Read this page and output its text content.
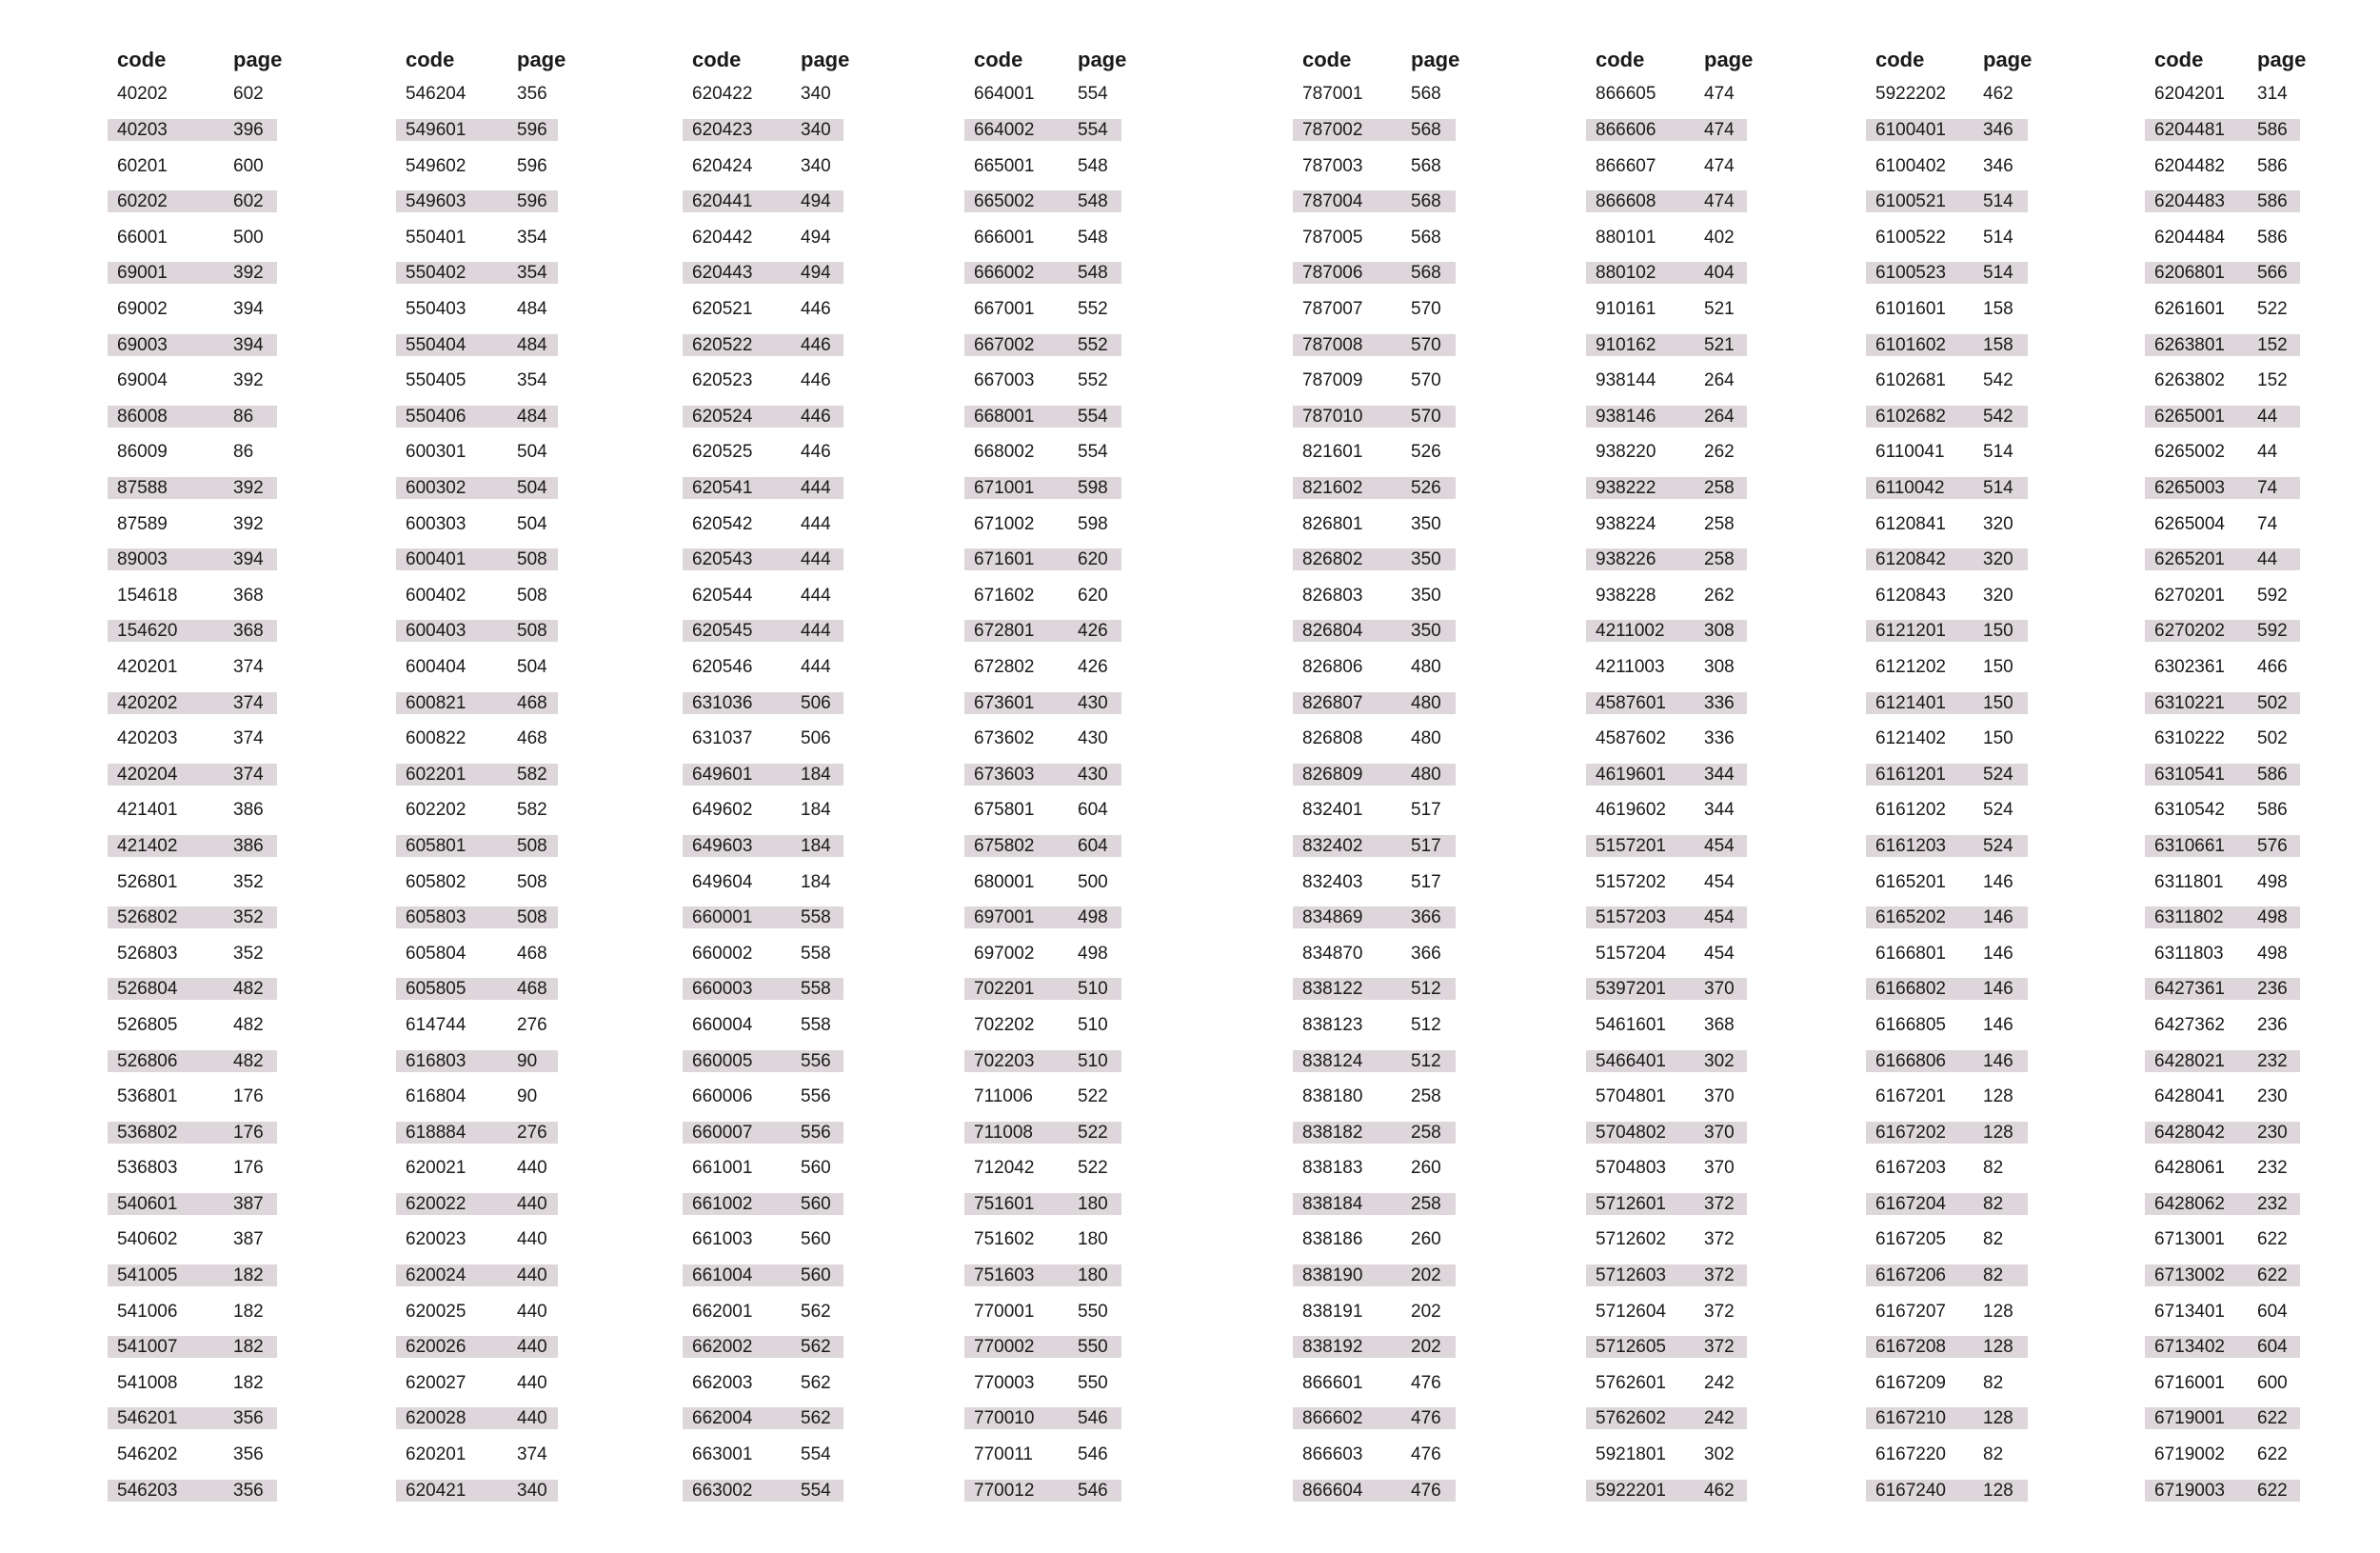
code	page
40202	602
40203	396
60201	600
60202	602
66001	500
69001	392
69002	394
69003	394
69004	392
86008	86
86009	86
87588	392
87589	392
89003	394
154618	368
154620	368
420201	374
420202	374
420203	374
420204	374
421401	386
421402	386
526801	352
526802	352
526803	352
526804	482
526805	482
526806	482
536801	176
536802	176
536803	176
540601	387
540602	387
541005	182
541006	182
541007	182
541008	182
546201	356
546202	356
546203	356
code	page
546204	356
549601	596
549602	596
549603	596
550401	354
550402	354
550403	484
550404	484
550405	354
550406	484
600301	504
600302	504
600303	504
600401	508
600402	508
600403	508
600404	504
600821	468
600822	468
602201	582
602202	582
605801	508
605802	508
605803	508
605804	468
605805	468
614744	276
616803	90
616804	90
618884	276
620021	440
620022	440
620023	440
620024	440
620025	440
620026	440
620027	440
620028	440
620201	374
620421	340
code	page
620422	340
620423	340
620424	340
620441	494
620442	494
620443	494
620521	446
620522	446
620523	446
620524	446
620525	446
620541	444
620542	444
620543	444
620544	444
620545	444
620546	444
631036	506
631037	506
649601	184
649602	184
649603	184
649604	184
660001	558
660002	558
660003	558
660004	558
660005	556
660006	556
660007	556
661001	560
661002	560
661003	560
661004	560
662001	562
662002	562
662003	562
662004	562
663001	554
663002	554
code	page
664001 554
664002 554
665001 548
665002 548
666001 548
666002 548
667001 552
667002 552
667003 552
668001 554
668002 554
671001 598
671002 598
671601 620
671602 620
672801 426
672802 426
673601 430
673602 430
673603 430
675801 604
675802 604
680001 500
697001 498
697002 498
702201 510
702202 510
702203 510
711006 522
711008 522
712042 522
751601 180
751602 180
751603 180
770001 550
770002 550
770003 550
770010 546
770011 546
770012 546
code	page
787001	568
787002	568
787003	568
787004	568
787005	568
787006	568
787007	570
787008	570
787009	570
787010	570
821601	526
821602	526
826801	350
826802	350
826803	350
826804	350
826806	480
826807	480
826808	480
826809	480
832401	517
832402	517
832403	517
834869	366
834870	366
838122	512
838123	512
838124	512
838180	258
838182	258
838183	260
838184	258
838186	260
838190	202
838191	202
838192	202
866601	476
866602	476
866603	476
866604	476
code	page
866605	474
866606	474
866607	474
866608	474
880101	402
880102	404
910161	521
910162	521
938144	264
938146	264
938220	262
938222	258
938224	258
938226	258
938228	262
4211002 308
4211003 308
4587601 336
4587602 336
4619601 344
4619602 344
5157201 454
5157202 454
5157203 454
5157204 454
5397201 370
5461601 368
5466401 302
5704801 370
5704802 370
5704803 370
5712601 372
5712602 372
5712603 372
5712604 372
5712605 372
5762601 242
5762602 242
5921801 302
5922201 462
code	page
5922202 462
6100401 346
6100402 346
6100521 514
6100522 514
6100523 514
6101601 158
6101602 158
6102681 542
6102682 542
6110041 514
6110042 514
6120841 320
6120842 320
6120843 320
6121201 150
6121202 150
6121401 150
6121402 150
6161201 524
6161202 524
6161203 524
6165201 146
6165202 146
6166801 146
6166802 146
6166805 146
6166806 146
6167201 128
6167202 128
6167203 82
6167204 82
6167205 82
6167206 82
6167207 128
6167208 128
6167209 82
6167210 128
6167220 82
6167240 128
code	page
6204201 314
6204481 586
6204482 586
6204483 586
6204484 586
6206801 566
6261601 522
6263801 152
6263802 152
6265001 44
6265002 44
6265003 74
6265004 74
6265201 44
6270201 592
6270202 592
6302361 466
6310221 502
6310222 502
6310541 586
6310542 586
6310661 576
6311801 498
6311802 498
6311803 498
6427361 236
6427362 236
6428021 232
6428041 230
6428042 230
6428061 232
6428062 232
6713001 622
6713002 622
6713401 604
6713402 604
6716001 600
6719001 622
6719002 622
6719003 622
